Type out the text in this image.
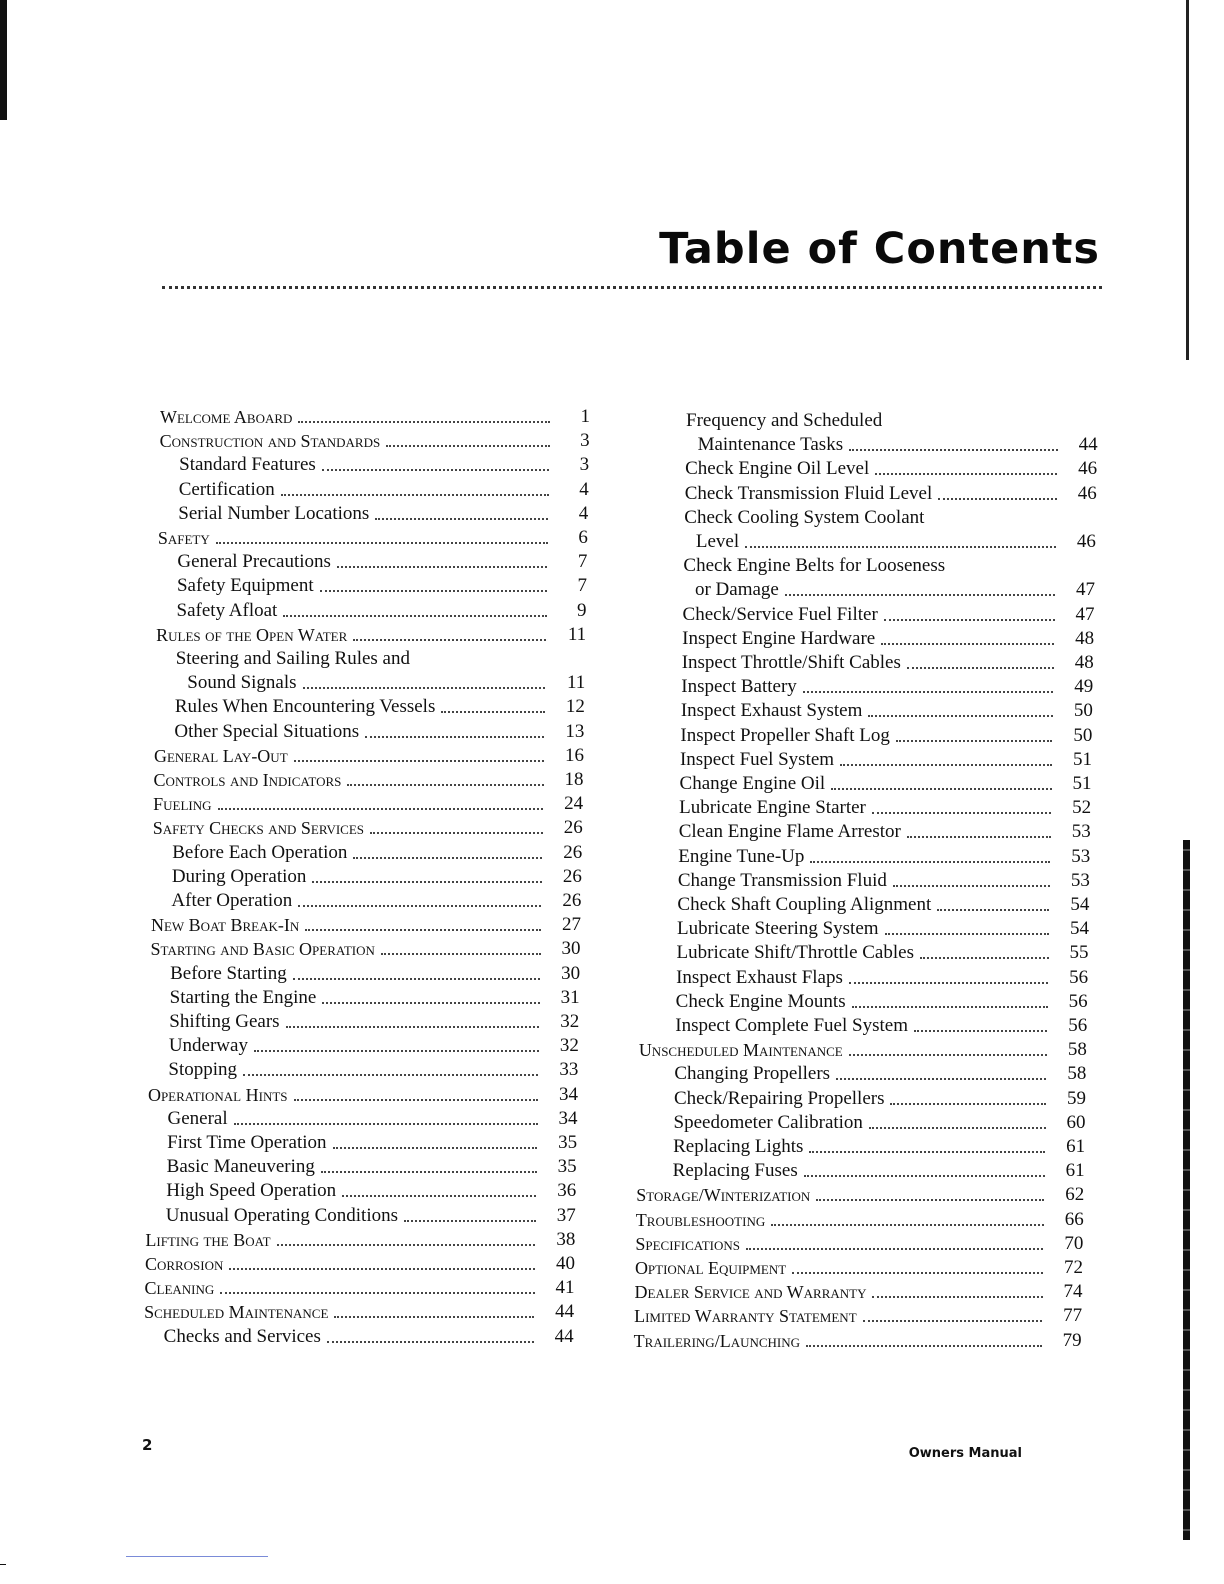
Table of Contents
Welcome Aboard	1
Construction and Standards	3
Standard Features	3
Certification	4
Serial Number Locations	4
Safety	6
General Precautions	7
Safety Equipment	7
Safety Afloat	9
Rules of the Open Water	11
Steering and Sailing Rules and
Sound Signals	11
Rules When Encountering Vessels	12
Other Special Situations	13
General Lay-Out	16
Controls and Indicators	18
Fueling	24
Safety Checks and Services	26
Before Each Operation	26
During Operation	26
After Operation	26
New Boat Break-In	27
Starting and Basic Operation	30
Before Starting	30
Starting the Engine	31
Shifting Gears	32
Underway	32
Stopping	33
Operational Hints	34
General	34
First Time Operation	35
Basic Maneuvering	35
High Speed Operation	36
Unusual Operating Conditions	37
Lifting the Boat	38
Corrosion	40
Cleaning	41
Scheduled Maintenance	44
Checks and Services	44
Frequency and Scheduled
Maintenance Tasks	44
Check Engine Oil Level	46
Check Transmission Fluid Level	46
Check Cooling System Coolant
Level	46
Check Engine Belts for Looseness
or Damage	47
Check/Service Fuel Filter	47
Inspect Engine Hardware	48
Inspect Throttle/Shift Cables	48
Inspect Battery	49
Inspect Exhaust System	50
Inspect Propeller Shaft Log	50
Inspect Fuel System	51
Change Engine Oil	51
Lubricate Engine Starter	52
Clean Engine Flame Arrestor	53
Engine Tune-Up	53
Change Transmission Fluid	53
Check Shaft Coupling Alignment	54
Lubricate Steering System	54
Lubricate Shift/Throttle Cables	55
Inspect Exhaust Flaps	56
Check Engine Mounts	56
Inspect Complete Fuel System	56
Unscheduled Maintenance	58
Changing Propellers	58
Check/Repairing Propellers	59
Speedometer Calibration	60
Replacing Lights	61
Replacing Fuses	61
Storage/Winterization	62
Troubleshooting	66
Specifications	70
Optional Equipment	72
Dealer Service and Warranty	74
Limited Warranty Statement	77
Trailering/Launching	79
2	Owners Manual
